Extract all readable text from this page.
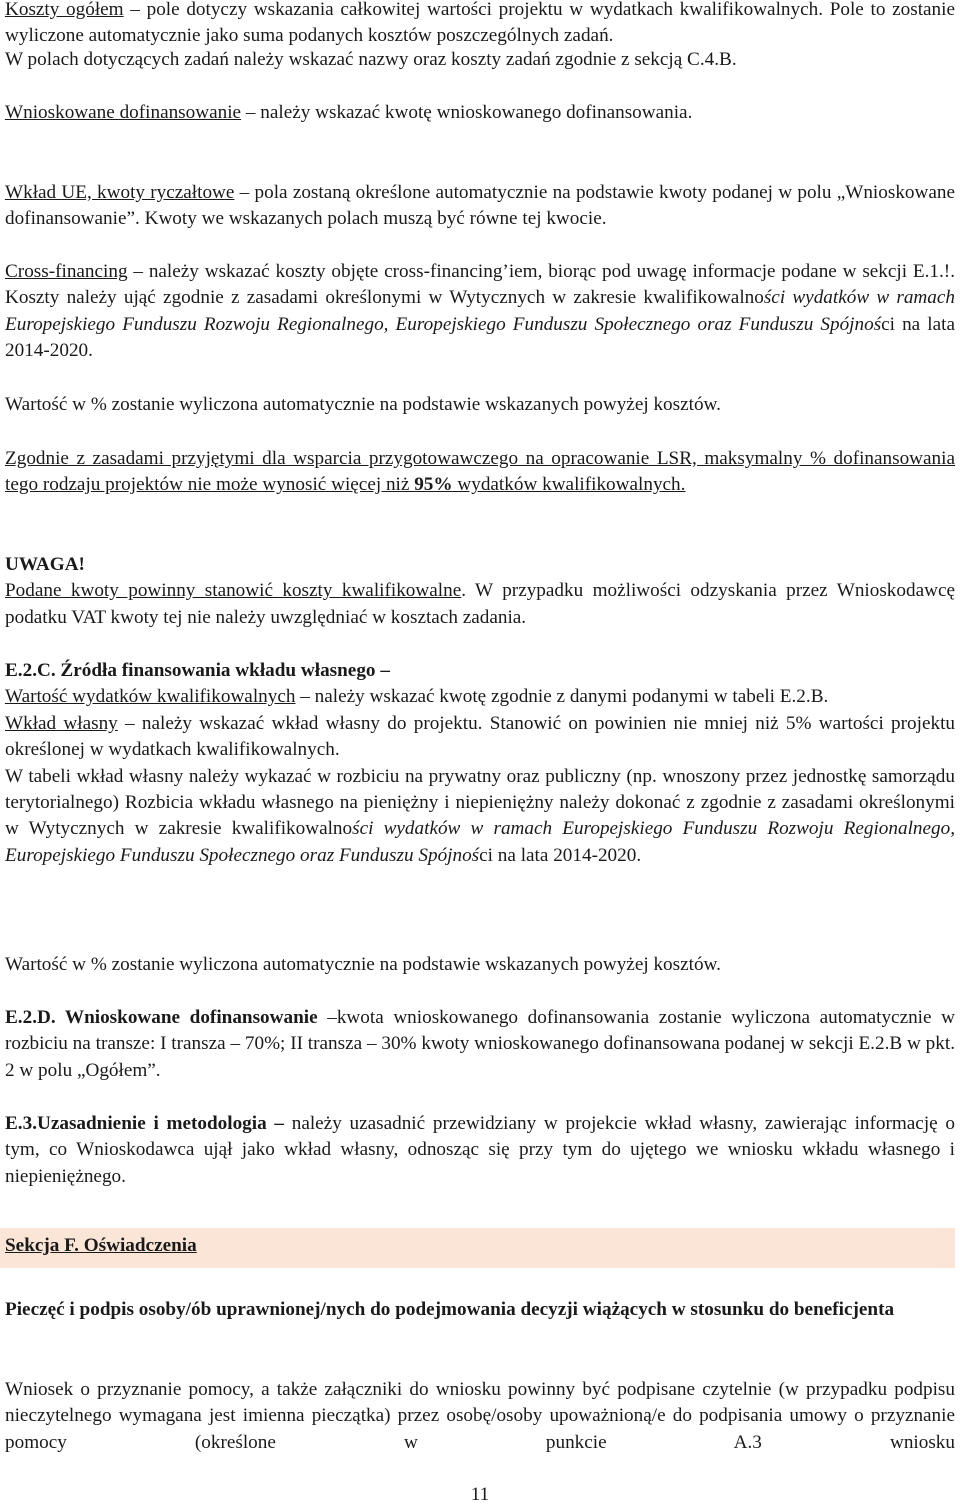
Koszty ogółem – pole dotyczy wskazania całkowitej wartości projektu w wydatkach kwalifikowalnych. Pole to zostanie wyliczone automatycznie jako suma podanych kosztów poszczególnych zadań.

W polach dotyczących zadań należy wskazać nazwy oraz koszty zadań zgodnie z sekcją C.4.B.

Wnioskowane dofinansowanie – należy wskazać kwotę wnioskowanego dofinansowania.

Wkład UE, kwoty ryczałtowe – pola zostaną określone automatycznie na podstawie kwoty podanej w polu „Wnioskowane dofinansowanie”. Kwoty we wskazanych polach muszą być równe tej kwocie.

Cross-financing – należy wskazać koszty objęte cross-financing’iem, biorąc pod uwagę informacje podane w sekcji E.1.!. Koszty należy ująć zgodnie z zasadami określonymi w Wytycznych w zakresie kwalifikowalności wydatków w ramach Europejskiego Funduszu Rozwoju Regionalnego, Europejskiego Funduszu Społecznego oraz Funduszu Spójności na lata 2014-2020.

Wartość w % zostanie wyliczona automatycznie na podstawie wskazanych powyżej kosztów.

Zgodnie z zasadami przyjętymi dla wsparcia przygotowawczego na opracowanie LSR, maksymalny % dofinansowania tego rodzaju projektów nie może wynosić więcej niż 95% wydatków kwalifikowalnych.

UWAGA!

Podane kwoty powinny stanowić koszty kwalifikowalne. W przypadku możliwości odzyskania przez Wnioskodawcę podatku VAT kwoty tej nie należy uwzględniać w kosztach zadania.

E.2.C. Źródła finansowania wkładu własnego –

Wartość wydatków kwalifikowalnych – należy wskazać kwotę zgodnie z danymi podanymi w tabeli E.2.B.

Wkład własny – należy wskazać wkład własny do projektu. Stanowić on powinien nie mniej niż 5% wartości projektu określonej w wydatkach kwalifikowalnych.

W tabeli wkład własny należy wykazać w rozbiciu na prywatny oraz publiczny (np. wnoszony przez jednostkę samorządu terytorialnego) Rozbicia wkładu własnego na pieniężny i niepieniężny należy dokonać z zgodnie z zasadami określonymi w Wytycznych w zakresie kwalifikowalności wydatków w ramach Europejskiego Funduszu Rozwoju Regionalnego, Europejskiego Funduszu Społecznego oraz Funduszu Spójności na lata 2014-2020.

Wartość w % zostanie wyliczona automatycznie na podstawie wskazanych powyżej kosztów.

E.2.D. Wnioskowane dofinansowanie –kwota wnioskowanego dofinansowania zostanie wyliczona automatycznie w rozbiciu na transze: I transza – 70%; II transza – 30% kwoty wnioskowanego dofinansowana podanej w sekcji E.2.B w pkt. 2 w polu „Ogółem”.

E.3.Uzasadnienie i metodologia – należy uzasadnić przewidziany w projekcie wkład własny, zawierając informację o tym, co Wnioskodawca ujął jako wkład własny, odnosząc się przy tym do ujętego we wniosku wkładu własnego i niepieniężnego.

Pieczęć i podpis osoby/ób uprawnionej/nych do podejmowania decyzji wiążących w stosunku do beneficjenta

Wniosek o przyznanie pomocy, a także załączniki do wniosku powinny być podpisane czytelnie (w przypadku podpisu nieczytelnego wymagana jest imienna pieczątka) przez osobę/osoby upoważnioną/e do podpisania umowy o przyznanie pomocy (określone w punkcie A.3 wniosku

Sekcja F. Oświadczenia
11
